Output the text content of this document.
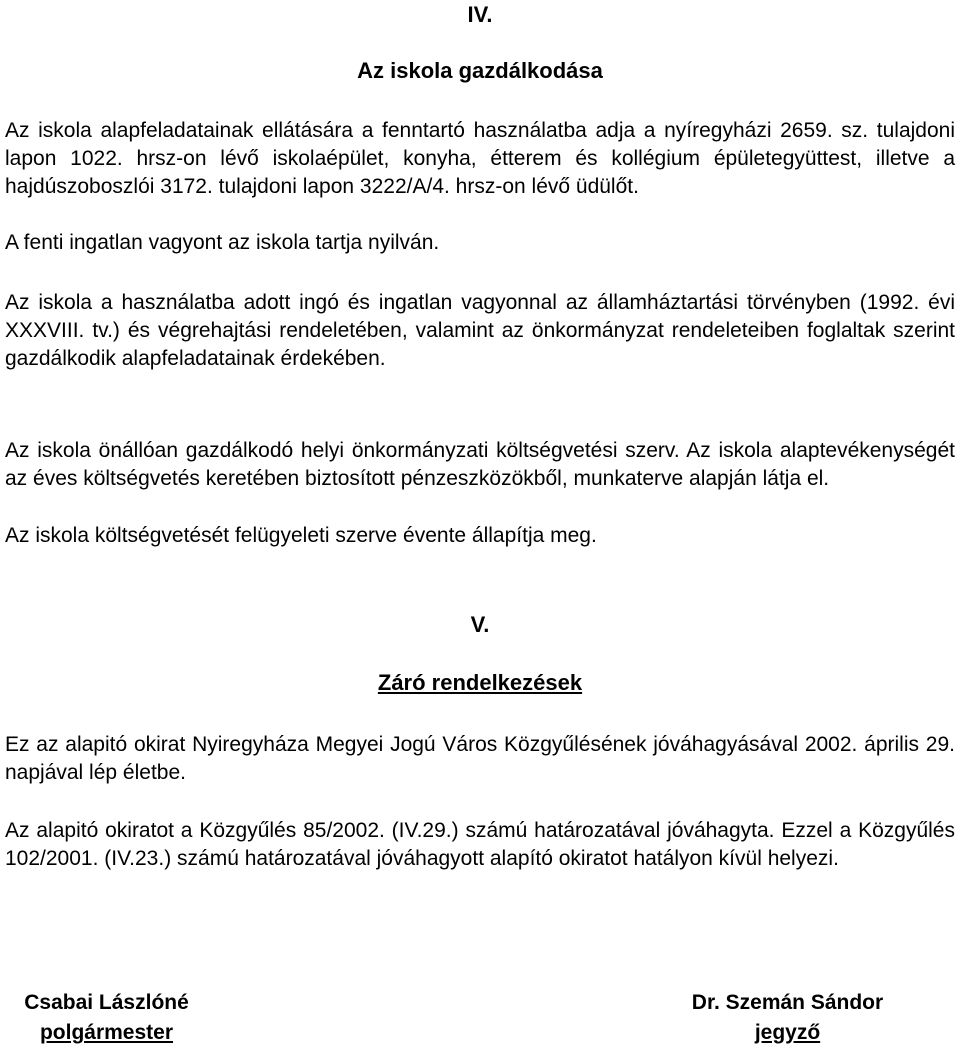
IV.
Az iskola gazdálkodása

Az iskola alapfeladatainak ellátására a fenntartó használatba adja a nyíregyházi 2659. sz. tulajdoni lapon 1022. hrsz-on lévő iskolaépület, konyha, étterem és kollégium épületegyüttest, illetve a hajdúszoboszlói 3172. tulajdoni lapon 3222/A/4. hrsz-on lévő üdülőt.

A fenti ingatlan vagyont az iskola tartja nyilván.

Az iskola a használatba adott ingó és ingatlan vagyonnal az államháztartási törvényben (1992. évi XXXVIII. tv.) és végrehajtási rendeletében, valamint az önkormányzat rendeleteiben foglaltak szerint gazdálkodik alapfeladatainak érdekében.

Az iskola önállóan gazdálkodó helyi önkormányzati költségvetési szerv. Az iskola alaptevékenységét az éves költségvetés keretében biztosított pénzeszközökből, munkaterve alapján látja el.

Az iskola költségvetését felügyeleti szerve évente állapítja meg.

V.
Záró rendelkezések

Ez az alapitó okirat Nyiregyháza Megyei Jogú Város Közgyűlésének jóváhagyásával 2002. április 29. napjával lép életbe.

Az alapitó okiratot a Közgyűlés 85/2002. (IV.29.) számú határozatával jóváhagyta. Ezzel a Közgyűlés 102/2001. (IV.23.) számú határozatával jóváhagyott alapító okiratot hatályon kívül helyezi.

Csabai Lászlóné
polgármester
Dr. Szemán Sándor
jegyző
